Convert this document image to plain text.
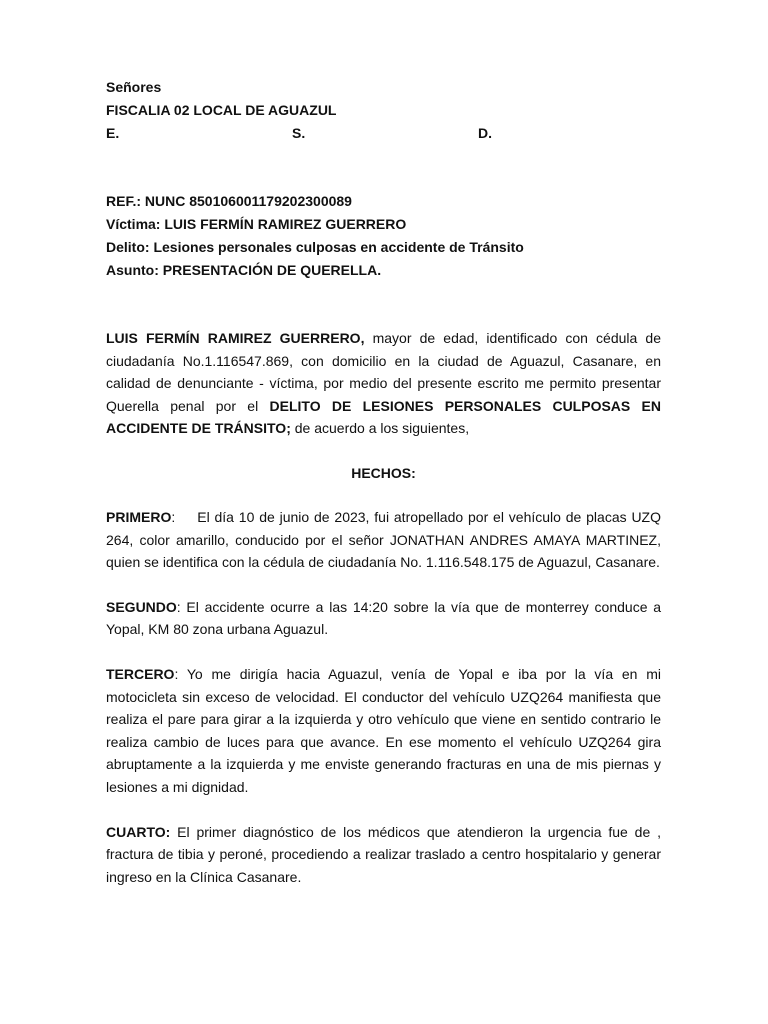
Señores
FISCALIA 02 LOCAL DE AGUAZUL
E.	S.	D.
REF.: NUNC 850106001179202300089
Víctima: LUIS FERMÍN RAMIREZ GUERRERO
Delito: Lesiones personales culposas en accidente de Tránsito
Asunto: PRESENTACIÓN DE QUERELLA.
LUIS FERMÍN RAMIREZ GUERRERO, mayor de edad, identificado con cédula de ciudadanía No.1.116547.869, con domicilio en la ciudad de Aguazul, Casanare, en calidad de denunciante - víctima, por medio del presente escrito me permito presentar Querella penal por el DELITO DE LESIONES PERSONALES CULPOSAS EN ACCIDENTE DE TRÁNSITO; de acuerdo a los siguientes,
HECHOS:
PRIMERO: El día 10 de junio de 2023, fui atropellado por el vehículo de placas UZQ 264, color amarillo, conducido por el señor JONATHAN ANDRES AMAYA MARTINEZ, quien se identifica con la cédula de ciudadanía No. 1.116.548.175 de Aguazul, Casanare.
SEGUNDO: El accidente ocurre a las 14:20 sobre la vía que de monterrey conduce a Yopal, KM 80 zona urbana Aguazul.
TERCERO: Yo me dirigía hacia Aguazul, venía de Yopal e iba por la vía en mi motocicleta sin exceso de velocidad. El conductor del vehículo UZQ264 manifiesta que realiza el pare para girar a la izquierda y otro vehículo que viene en sentido contrario le realiza cambio de luces para que avance. En ese momento el vehículo UZQ264 gira abruptamente a la izquierda y me enviste generando fracturas en una de mis piernas y lesiones a mi dignidad.
CUARTO: El primer diagnóstico de los médicos que atendieron la urgencia fue de , fractura de tibia y peroné, procediendo a realizar traslado a centro hospitalario y generar ingreso en la Clínica Casanare.
